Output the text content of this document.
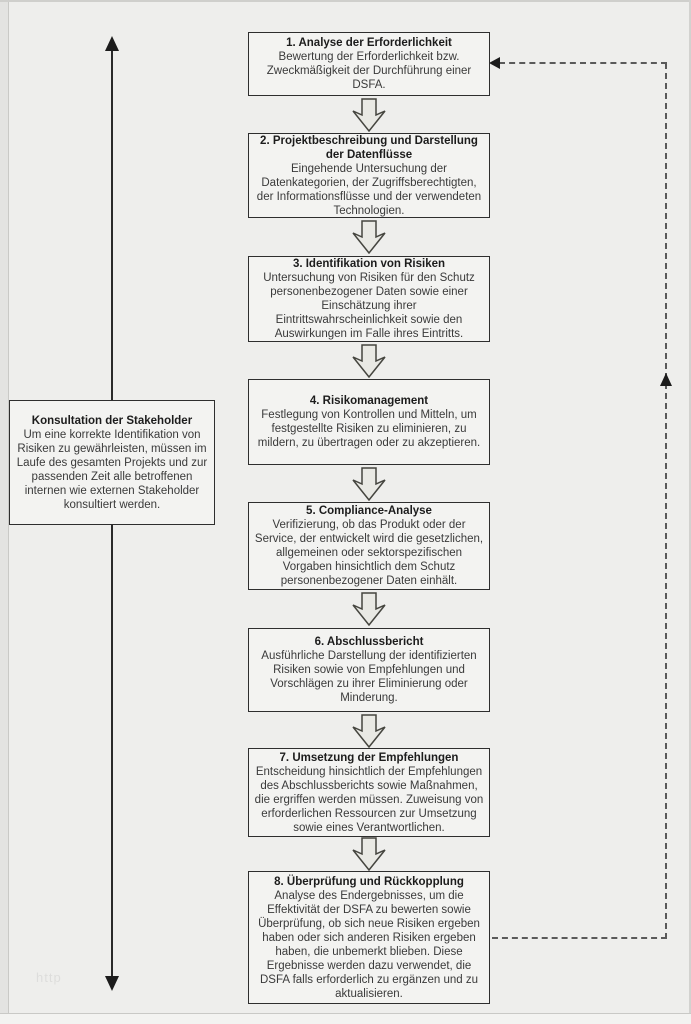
1. Analyse der Erforderlichkeit
Bewertung der Erforderlichkeit bzw. Zweckmäßigkeit der Durchführung einer DSFA.
2. Projektbeschreibung und Darstellung der Datenflüsse
Eingehende Untersuchung der Datenkategorien, der Zugriffsberechtigten, der Informationsflüsse und der verwendeten Technologien.
3. Identifikation von Risiken
Untersuchung von Risiken für den Schutz personenbezogener Daten sowie einer Einschätzung ihrer Eintrittswahrscheinlichkeit sowie den Auswirkungen im Falle ihres Eintritts.
4. Risikomanagement
Festlegung von Kontrollen und Mitteln, um festgestellte Risiken zu eliminieren, zu mildern, zu übertragen oder zu akzeptieren.
5. Compliance-Analyse
Verifizierung, ob das Produkt oder der Service, der entwickelt wird die gesetzlichen, allgemeinen oder sektorspezifischen Vorgaben hinsichtlich dem Schutz personenbezogener Daten einhält.
6. Abschlussbericht
Ausführliche Darstellung der identifizierten Risiken sowie von Empfehlungen und Vorschlägen zu ihrer Eliminierung oder Minderung.
7. Umsetzung der Empfehlungen
Entscheidung hinsichtlich der Empfehlungen des Abschlussberichts sowie Maßnahmen, die ergriffen werden müssen. Zuweisung von erforderlichen Ressourcen zur Umsetzung sowie eines Verantwortlichen.
8. Überprüfung und Rückkopplung
Analyse des Endergebnisses, um die Effektivität der DSFA zu bewerten sowie Überprüfung, ob sich neue Risiken ergeben haben oder sich anderen Risiken ergeben haben, die unbemerkt blieben. Diese Ergebnisse werden dazu verwendet, die DSFA falls erforderlich zu ergänzen und zu aktualisieren.
Konsultation der Stakeholder
Um eine korrekte Identifikation von Risiken zu gewährleisten, müssen im Laufe des gesamten Projekts und zur passenden Zeit alle betroffenen internen wie externen Stakeholder konsultiert werden.
http
